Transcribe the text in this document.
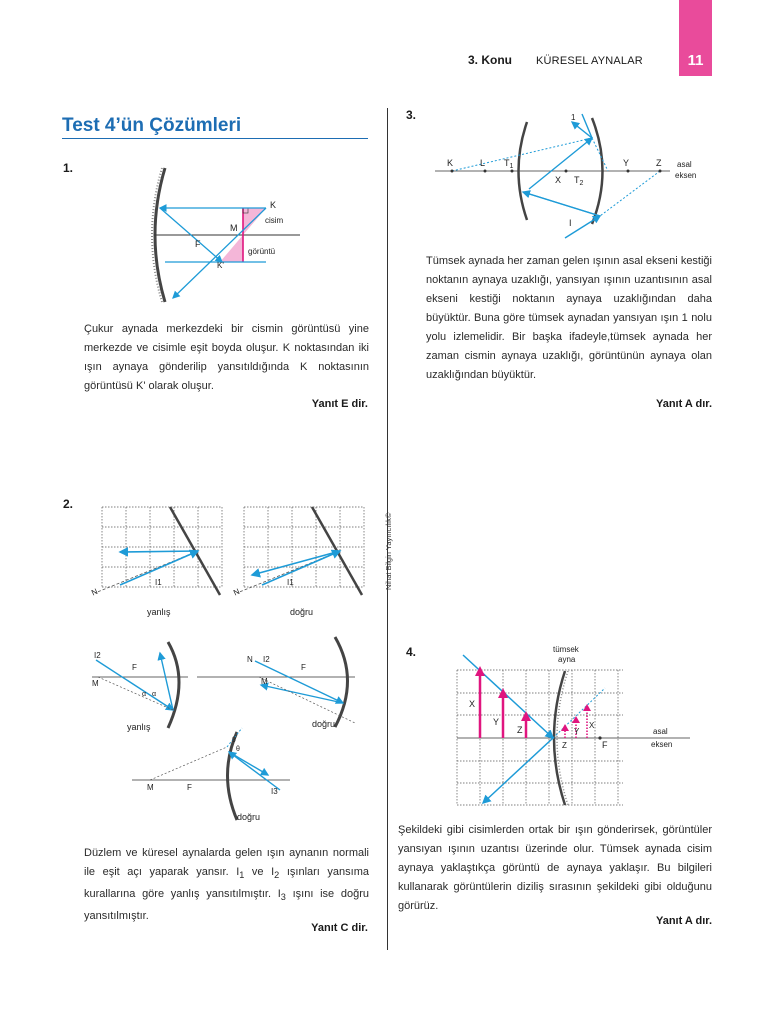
11
3. Konu KÜRESEL AYNALAR
Test 4’ün Çözümleri
Nihat Bilgin Yayıncılık©
1.
K
cisim
M
F
K'
görüntü
Çukur aynada merkezdeki bir cismin görüntüsü yine merkezde ve cisimle eşit boyda oluşur. K noktasından iki ışın aynaya gönderilip yansıtıldığında K noktasının görüntüsü K' olarak oluşur.
Yanıt E dir.
2.
N
I1
yanlış
N
I1
doğru
I2
F
M
α α
yanlış
N I2
F
M
doğru
θ
θ
M	F	I3
doğru
Düzlem ve küresel aynalarda gelen ışın aynanın normali ile eşit açı yaparak yansır. $I_1$ ve $I_2$ ışınları yansıma kurallarına göre yanlış yansıtılmıştır. $I_3$ ışını ise doğru yansıtılmıştır.
Yanıt C dir.
3.	1
K	L $T_1$
X $T_2$
Y	Z asal
eksen
I
Tümsek aynada her zaman gelen ışının asal ekseni kestiği noktanın aynaya uzaklığı, yansıyan ışının uzantısının asal ekseni kestiği noktanın aynaya uzaklığından daha büyüktür. Buna göre tümsek aynadan yansıyan ışın 1 nolu yolu izlemelidir. Bir başka ifadeyle,tümsek aynada her zaman cismin aynaya uzaklığı, görüntünün aynaya olan uzaklığından büyüktür.
Yanıt A dır.
4.	tümsek
ayna
X
Y
Z
Z
Y
X
F
asal
eksen
Şekildeki gibi cisimlerden ortak bir ışın gönderirsek, görüntüler yansıyan ışının uzantısı üzerinde olur. Tümsek aynada cisim aynaya yaklaştıkça görüntü de aynaya yaklaşır. Bu bilgileri kullanarak görüntülerin diziliş sırasının şekildeki gibi olduğunu görürüz.
Yanıt A dır.
